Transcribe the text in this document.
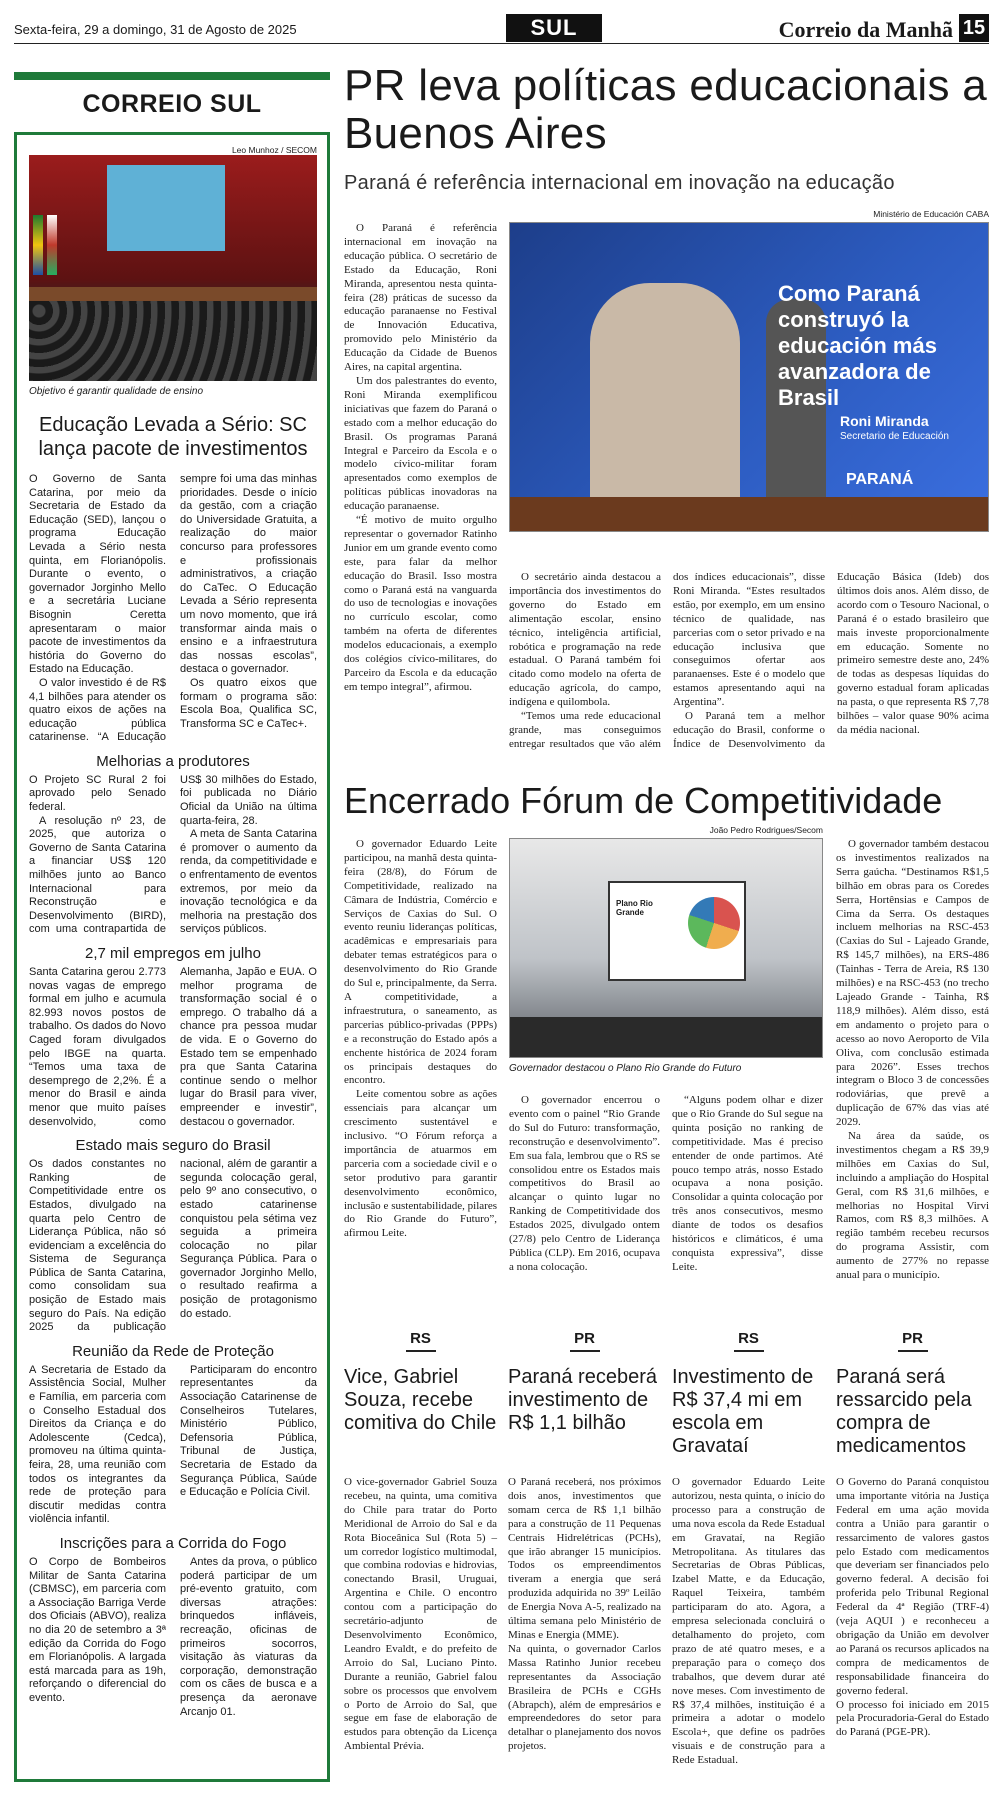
Sexta-feira, 29 a domingo, 31 de Agosto de 2025	SUL	Correio da Manhã 15
CORREIO SUL
Leo Munhoz / SECOM
Objetivo é garantir qualidade de ensino
Educação Levada a Sério: SC lança pacote de investimentos

O Governo de Santa Catarina, por meio da Secretaria de Estado da Educação (SED), lançou o programa Educação Levada a Sério nesta quinta, em Florianópolis. Durante o evento, o governador Jorginho Mello e a secretária Luciane Bisognin Ceretta apresentaram o maior pacote de investimentos da história do Governo do Estado na Educação.

O valor investido é de R$ 4,1 bilhões para atender os quatro eixos de ações na educação pública catarinense. “A Educação sempre foi uma das minhas prioridades. Desde o início da gestão, com a criação do Universidade Gratuita, a realização do maior concurso para professores e profissionais administrativos, a criação do CaTec. O Educação Levada a Sério representa um novo momento, que irá transformar ainda mais o ensino e a infraestrutura das nossas escolas”, destaca o governador.

Os quatro eixos que formam o programa são: Escola Boa, Qualifica SC, Transforma SC e CaTec+.

Melhorias a produtores

O Projeto SC Rural 2 foi aprovado pelo Senado federal.

A resolução nº 23, de 2025, que autoriza o Governo de Santa Catarina a financiar US$ 120 milhões junto ao Banco Internacional para Reconstrução e Desenvolvimento (BIRD), com uma contrapartida de US$ 30 milhões do Estado, foi publicada no Diário Oficial da União na última quarta-feira, 28.

A meta de Santa Catarina é promover o aumento da renda, da competitividade e o enfrentamento de eventos extremos, por meio da inovação tecnológica e da melhoria na prestação dos serviços públicos.

2,7 mil empregos em julho

Santa Catarina gerou 2.773 novas vagas de emprego formal em julho e acumula 82.993 novos postos de trabalho. Os dados do Novo Caged foram divulgados pelo IBGE na quarta. “Temos uma taxa de desemprego de 2,2%. É a menor do Brasil e ainda menor que muito países desenvolvido, como Alemanha, Japão e EUA. O melhor programa de transformação social é o emprego. O trabalho dá a chance pra pessoa mudar de vida. E o Governo do Estado tem se empenhado pra que Santa Catarina continue sendo o melhor lugar do Brasil para viver, empreender e investir”, destacou o governador.

Estado mais seguro do Brasil

Os dados constantes no Ranking de Competitividade entre os Estados, divulgado na quarta pelo Centro de Liderança Pública, não só evidenciam a excelência do Sistema de Segurança Pública de Santa Catarina, como consolidam sua posição de Estado mais seguro do País. Na edição 2025 da publicação nacional, além de garantir a segunda colocação geral, pelo 9º ano consecutivo, o estado catarinense conquistou pela sétima vez seguida a primeira colocação no pilar Segurança Pública. Para o governador Jorginho Mello, o resultado reafirma a posição de protagonismo do estado.

Reunião da Rede de Proteção

A Secretaria de Estado da Assistência Social, Mulher e Família, em parceria com o Conselho Estadual dos Direitos da Criança e do Adolescente (Cedca), promoveu na última quinta-feira, 28, uma reunião com todos os integrantes da rede de proteção para discutir medidas contra violência infantil.

Participaram do encontro representantes da Associação Catarinense de Conselheiros Tutelares, Ministério Público, Defensoria Pública, Tribunal de Justiça, Secretaria de Estado da Segurança Pública, Saúde e Educação e Polícia Civil.

Inscrições para a Corrida do Fogo

O Corpo de Bombeiros Militar de Santa Catarina (CBMSC), em parceria com a Associação Barriga Verde dos Oficiais (ABVO), realiza no dia 20 de setembro a 3ª edição da Corrida do Fogo em Florianópolis. A largada está marcada para as 19h, reforçando o diferencial do evento.

Antes da prova, o público poderá participar de um pré-evento gratuito, com diversas atrações: brinquedos infláveis, recreação, oficinas de primeiros socorros, visitação às viaturas da corporação, demonstração com os cães de busca e a presença da aeronave Arcanjo 01.

PR leva políticas educacionais a Buenos Aires
Paraná é referência internacional em inovação na educação

O Paraná é referência internacional em inovação na educação pública. O secretário de Estado da Educação, Roni Miranda, apresentou nesta quinta-feira (28) práticas de sucesso da educação paranaense no Festival de Innovación Educativa, promovido pelo Ministério da Educação da Cidade de Buenos Aires, na capital argentina.

Um dos palestrantes do evento, Roni Miranda exemplificou iniciativas que fazem do Paraná o estado com a melhor educação do Brasil. Os programas Paraná Integral e Parceiro da Escola e o modelo cívico-militar foram apresentados como exemplos de políticas públicas inovadoras na educação paranaense.

“É motivo de muito orgulho representar o governador Ratinho Junior em um grande evento como este, para falar da melhor educação do Brasil. Isso mostra como o Paraná está na vanguarda do uso de tecnologias e inovações no currículo escolar, como também na oferta de diferentes modelos educacionais, a exemplo dos colégios cívico-militares, do Parceiro da Escola e da educação em tempo integral”, afirmou.

Ministério de Educación CABA
Como Paraná construyó la educación más avanzadora de Brasil
Roni Miranda
Secretario de Educación
PARANÁ

O secretário ainda destacou a importância dos investimentos do governo do Estado em alimentação escolar, ensino técnico, inteligência artificial, robótica e programação na rede estadual. O Paraná também foi citado como modelo na oferta de educação agrícola, do campo, indígena e quilombola.

“Temos uma rede educacional grande, mas conseguimos entregar resultados que vão além dos índices educacionais”, disse Roni Miranda. “Estes resultados estão, por exemplo, em um ensino técnico de qualidade, nas parcerias com o setor privado e na educação inclusiva que conseguimos ofertar aos paranaenses. Este é o modelo que estamos apresentando aqui na Argentina”.

O Paraná tem a melhor educação do Brasil, conforme o Índice de Desenvolvimento da Educação Básica (Ideb) dos últimos dois anos. Além disso, de acordo com o Tesouro Nacional, o Paraná é o estado brasileiro que mais investe proporcionalmente em educação. Somente no primeiro semestre deste ano, 24% de todas as despesas líquidas do governo estadual foram aplicadas na pasta, o que representa R$ 7,78 bilhões – valor quase 90% acima da média nacional.

Encerrado Fórum de Competitividade

O governador Eduardo Leite participou, na manhã desta quinta-feira (28/8), do Fórum de Competitividade, realizado na Câmara de Indústria, Comércio e Serviços de Caxias do Sul. O evento reuniu lideranças políticas, acadêmicas e empresariais para debater temas estratégicos para o desenvolvimento do Rio Grande do Sul e, principalmente, da Serra. A competitividade, a infraestrutura, o saneamento, as parcerias público-privadas (PPPs) e a reconstrução do Estado após a enchente histórica de 2024 foram os principais destaques do encontro.

Leite comentou sobre as ações essenciais para alcançar um crescimento sustentável e inclusivo. “O Fórum reforça a importância de atuarmos em parceria com a sociedade civil e o setor produtivo para garantir desenvolvimento econômico, inclusão e sustentabilidade, pilares do Rio Grande do Futuro”, afirmou Leite.

João Pedro Rodrigues/Secom
Plano Rio Grande
Governador destacou o Plano Rio Grande do Futuro

O governador encerrou o evento com o painel “Rio Grande do Sul do Futuro: transformação, reconstrução e desenvolvimento”. Em sua fala, lembrou que o RS se consolidou entre os Estados mais competitivos do Brasil ao alcançar o quinto lugar no Ranking de Competitividade dos Estados 2025, divulgado ontem (27/8) pelo Centro de Liderança Pública (CLP). Em 2016, ocupava a nona colocação.

“Alguns podem olhar e dizer que o Rio Grande do Sul segue na quinta posição no ranking de competitividade. Mas é preciso entender de onde partimos. Até pouco tempo atrás, nosso Estado ocupava a nona posição. Consolidar a quinta colocação por três anos consecutivos, mesmo diante de todos os desafios históricos e climáticos, é uma conquista expressiva”, disse Leite.

O governador também destacou os investimentos realizados na Serra gaúcha. “Destinamos R$1,5 bilhão em obras para os Coredes Serra, Hortênsias e Campos de Cima da Serra. Os destaques incluem melhorias na RSC-453 (Caxias do Sul - Lajeado Grande, R$ 145,7 milhões), na ERS-486 (Tainhas - Terra de Areia, R$ 130 milhões) e na RSC-453 (no trecho Lajeado Grande - Tainha, R$ 118,9 milhões). Além disso, está em andamento o projeto para o acesso ao novo Aeroporto de Vila Oliva, com conclusão estimada para 2026”. Esses trechos integram o Bloco 3 de concessões rodoviárias, que prevê a duplicação de 67% das vias até 2029.

Na área da saúde, os investimentos chegam a R$ 39,9 milhões em Caxias do Sul, incluindo a ampliação do Hospital Geral, com R$ 31,6 milhões, e melhorias no Hospital Virvi Ramos, com R$ 8,3 milhões. A região também recebeu recursos do programa Assistir, com aumento de 277% no repasse anual para o município.

RS
Vice, Gabriel Souza, recebe comitiva do Chile
O vice-governador Gabriel Souza recebeu, na quinta, uma comitiva do Chile para tratar do Porto Meridional de Arroio do Sal e da Rota Bioceânica Sul (Rota 5) – um corredor logístico multimodal, que combina rodovias e hidrovias, conectando Brasil, Uruguai, Argentina e Chile. O encontro contou com a participação do secretário-adjunto de Desenvolvimento Econômico, Leandro Evaldt, e do prefeito de Arroio do Sal, Luciano Pinto. Durante a reunião, Gabriel falou sobre os processos que envolvem o Porto de Arroio do Sal, que segue em fase de elaboração de estudos para obtenção da Licença Ambiental Prévia.
PR
Paraná receberá investimento de R$ 1,1 bilhão
O Paraná receberá, nos próximos dois anos, investimentos que somam cerca de R$ 1,1 bilhão para a construção de 11 Pequenas Centrais Hidrelétricas (PCHs), que irão abranger 15 municípios. Todos os empreendimentos tiveram a energia que será produzida adquirida no 39º Leilão de Energia Nova A-5, realizado na última semana pelo Ministério de Minas e Energia (MME).
Na quinta, o governador Carlos Massa Ratinho Junior recebeu representantes da Associação Brasileira de PCHs e CGHs (Abrapch), além de empresários e empreendedores do setor para detalhar o planejamento dos novos projetos.
RS
Investimento de R$ 37,4 mi em escola em Gravataí
O governador Eduardo Leite autorizou, nesta quinta, o início do processo para a construção de uma nova escola da Rede Estadual em Gravataí, na Região Metropolitana. As titulares das Secretarias de Obras Públicas, Izabel Matte, e da Educação, Raquel Teixeira, também participaram do ato. Agora, a empresa selecionada concluirá o detalhamento do projeto, com prazo de até quatro meses, e a preparação para o começo dos trabalhos, que devem durar até nove meses. Com investimento de R$ 37,4 milhões, instituição é a primeira a adotar o modelo Escola+, que define os padrões visuais e de construção para a Rede Estadual.
PR
Paraná será ressarcido pela compra de medicamentos
O Governo do Paraná conquistou uma importante vitória na Justiça Federal em uma ação movida contra a União para garantir o ressarcimento de valores gastos pelo Estado com medicamentos que deveriam ser financiados pelo governo federal. A decisão foi proferida pelo Tribunal Regional Federal da 4ª Região (TRF-4) (veja AQUI ) e reconheceu a obrigação da União em devolver ao Paraná os recursos aplicados na compra de medicamentos de responsabilidade financeira do governo federal.
O processo foi iniciado em 2015 pela Procuradoria-Geral do Estado do Paraná (PGE-PR).
